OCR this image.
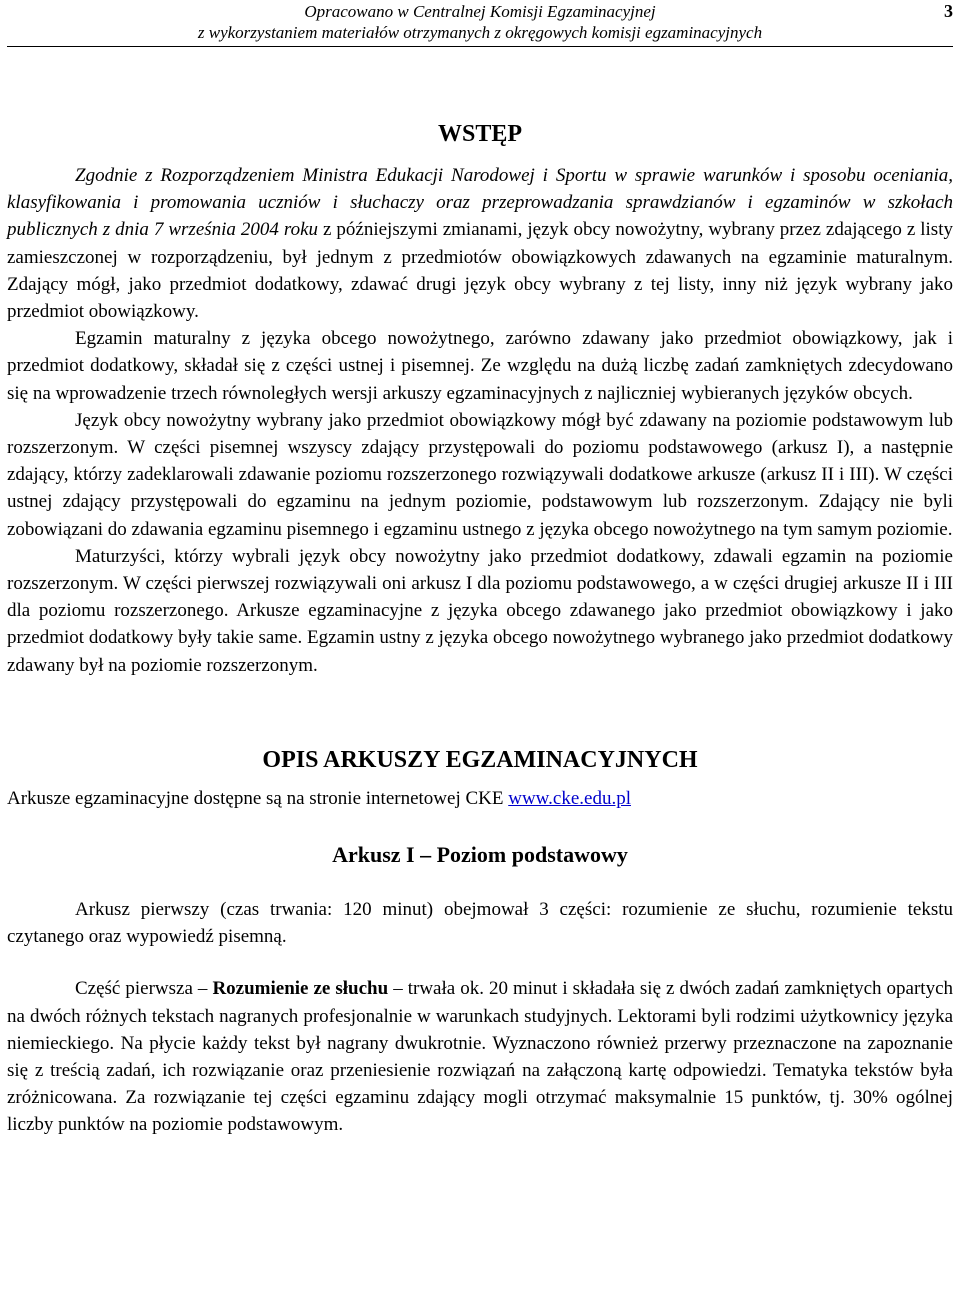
Opracowano w Centralnej Komisji Egzaminacyjnej
z wykorzystaniem materiałów otrzymanych z okręgowych komisji egzaminacyjnych
3
WSTĘP

Zgodnie z Rozporządzeniem Ministra Edukacji Narodowej i Sportu w sprawie warunków i sposobu oceniania, klasyfikowania i promowania uczniów i słuchaczy oraz przeprowadzania sprawdzianów i egzaminów w szkołach publicznych z dnia 7 września 2004 roku z późniejszymi zmianami, język obcy nowożytny, wybrany przez zdającego z listy zamieszczonej w rozporządzeniu, był jednym z przedmiotów obowiązkowych zdawanych na egzaminie maturalnym. Zdający mógł, jako przedmiot dodatkowy, zdawać drugi język obcy wybrany z tej listy, inny niż język wybrany jako przedmiot obowiązkowy.

Egzamin maturalny z języka obcego nowożytnego, zarówno zdawany jako przedmiot obowiązkowy, jak i przedmiot dodatkowy, składał się z części ustnej i pisemnej. Ze względu na dużą liczbę zadań zamkniętych zdecydowano się na wprowadzenie trzech równoległych wersji arkuszy egzaminacyjnych z najliczniej wybieranych języków obcych.

Język obcy nowożytny wybrany jako przedmiot obowiązkowy mógł być zdawany na poziomie podstawowym lub rozszerzonym. W części pisemnej wszyscy zdający przystępowali do poziomu podstawowego (arkusz I), a następnie zdający, którzy zadeklarowali zdawanie poziomu rozszerzonego rozwiązywali dodatkowe arkusze (arkusz II i III). W części ustnej zdający przystępowali do egzaminu na jednym poziomie, podstawowym lub rozszerzonym. Zdający nie byli zobowiązani do zdawania egzaminu pisemnego i egzaminu ustnego z języka obcego nowożytnego na tym samym poziomie.

Maturzyści, którzy wybrali język obcy nowożytny jako przedmiot dodatkowy, zdawali egzamin na poziomie rozszerzonym. W części pierwszej rozwiązywali oni arkusz I dla poziomu podstawowego, a w części drugiej arkusze II i III dla poziomu rozszerzonego. Arkusze egzaminacyjne z języka obcego zdawanego jako przedmiot obowiązkowy i jako przedmiot dodatkowy były takie same. Egzamin ustny z języka obcego nowożytnego wybranego jako przedmiot dodatkowy zdawany był na poziomie rozszerzonym.

OPIS ARKUSZY EGZAMINACYJNYCH

Arkusze egzaminacyjne dostępne są na stronie internetowej CKE www.cke.edu.pl

Arkusz I – Poziom podstawowy

Arkusz pierwszy (czas trwania: 120 minut) obejmował 3 części: rozumienie ze słuchu, rozumienie tekstu czytanego oraz wypowiedź pisemną.

Część pierwsza – Rozumienie ze słuchu – trwała ok. 20 minut i składała się z dwóch zadań zamkniętych opartych na dwóch różnych tekstach nagranych profesjonalnie w warunkach studyjnych. Lektorami byli rodzimi użytkownicy języka niemieckiego. Na płycie każdy tekst był nagrany dwukrotnie. Wyznaczono również przerwy przeznaczone na zapoznanie się z treścią zadań, ich rozwiązanie oraz przeniesienie rozwiązań na załączoną kartę odpowiedzi. Tematyka tekstów była zróżnicowana. Za rozwiązanie tej części egzaminu zdający mogli otrzymać maksymalnie 15 punktów, tj. 30% ogólnej liczby punktów na poziomie podstawowym.
